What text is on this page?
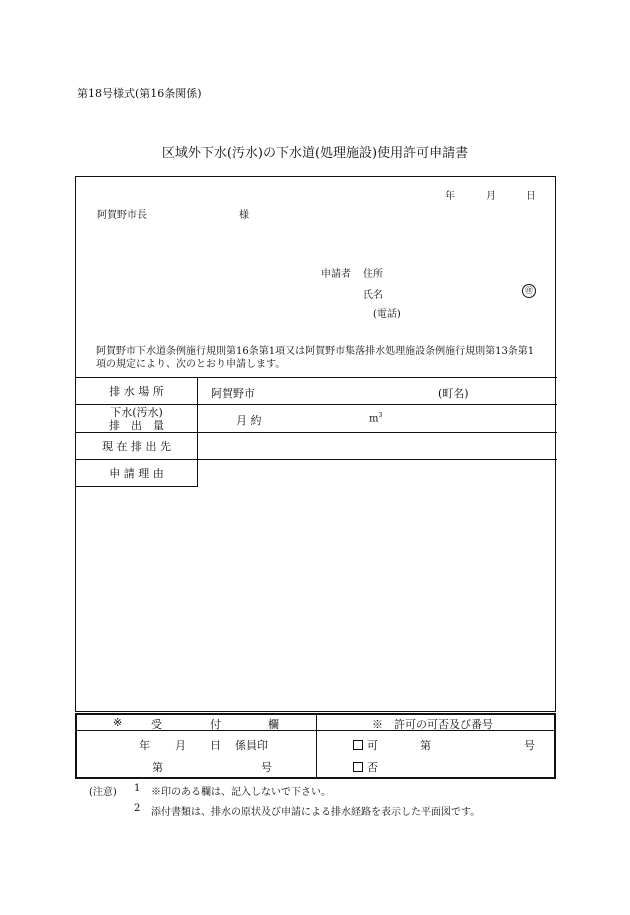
第18号様式(第16条関係)
区域外下水(汚水)の下水道(処理施設)使用許可申請書
年	月	日
阿賀野市長	様
申請者 住所
氏名	㊞
(電話)
排 水 場 所	阿賀野市	(町名)
下水(汚水)
排　出　量	月 約	$m^3$
現 在 排 出 先
申 請 理 由
阿賀野市下水道条例施行規則第16条第1項又は阿賀野市集落排水処理施設条例施行規則第13条第1項の規定により、次のとおり申請します。
※	受	付	欄
年 月 日 係員印
第	号
※　許可の可否及び番号
可	第	号
否
(注意) 1 ※印のある欄は、記入しないで下さい。
2 添付書類は、排水の原状及び申請による排水経路を表示した平面図です。
